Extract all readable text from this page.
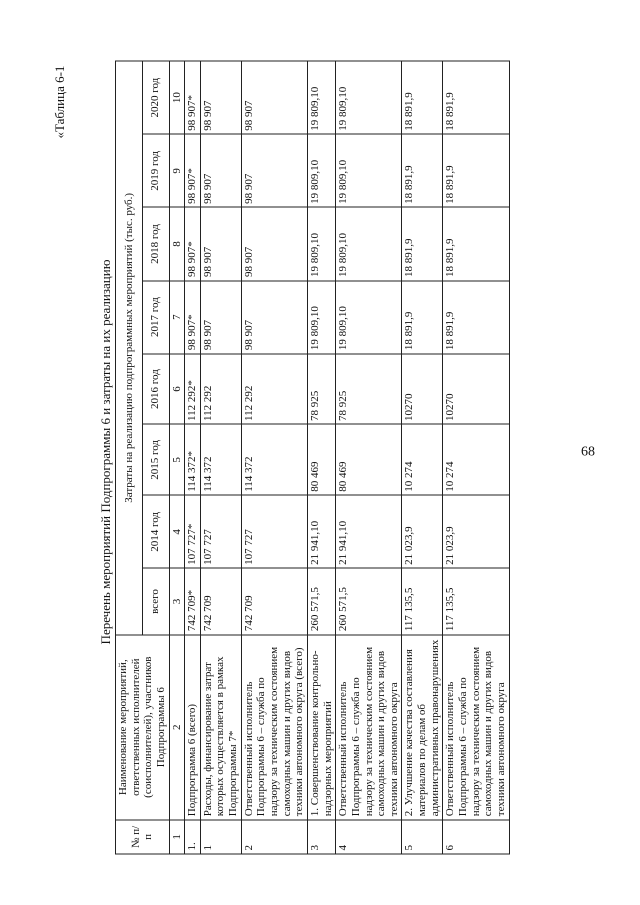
68
«Таблица 6-1
Перечень мероприятий Подпрограммы 6 и затраты на их реализацию
№ п/п	Наименование мероприятий, ответственных исполнителей (соисполнителей), участников Подпрограммы 6	Затраты на реализацию подпрограммных мероприятий (тыс. руб.)							
		всего	2014 год	2015 год	2016 год	2017 год	2018 год	2019 год	2020 год
1	2	3	4	5	6	7	8	9	10
1.	Подпрограмма 6 (всего)	742 709*	107 727*	114 372*	112 292*	98 907*	98 907*	98 907*	98 907*
1	Расходы, финансирование затрат которых осуществляется в рамках Подпрограммы 7*	742 709	107 727	114 372	112 292	98 907	98 907	98 907	98 907
2	Ответственный исполнитель Подпрограммы 6 – служба по надзору за техническим состоянием самоходных машин и других видов техники автономного округа (всего)	742 709	107 727	114 372	112 292	98 907	98 907	98 907	98 907
3	1. Совершенствование контрольно-надзорных мероприятий	260 571,5	21 941,10	80 469	78 925	19 809,10	19 809,10	19 809,10	19 809,10
4	Ответственный исполнитель Подпрограммы 6 – служба по надзору за техническим состоянием самоходных машин и других видов техники автономного округа	260 571,5	21 941,10	80 469	78 925	19 809,10	19 809,10	19 809,10	19 809,10
5	2. Улучшение качества составления материалов по делам об административных правонарушениях	117 135,5	21 023,9	10 274	10270	18 891,9	18 891,9	18 891,9	18 891,9
6	Ответственный исполнитель Подпрограммы 6 – служба по надзору за техническим состоянием самоходных машин и других видов техники автономного округа	117 135,5	21 023,9	10 274	10270	18 891,9	18 891,9	18 891,9	18 891,9
